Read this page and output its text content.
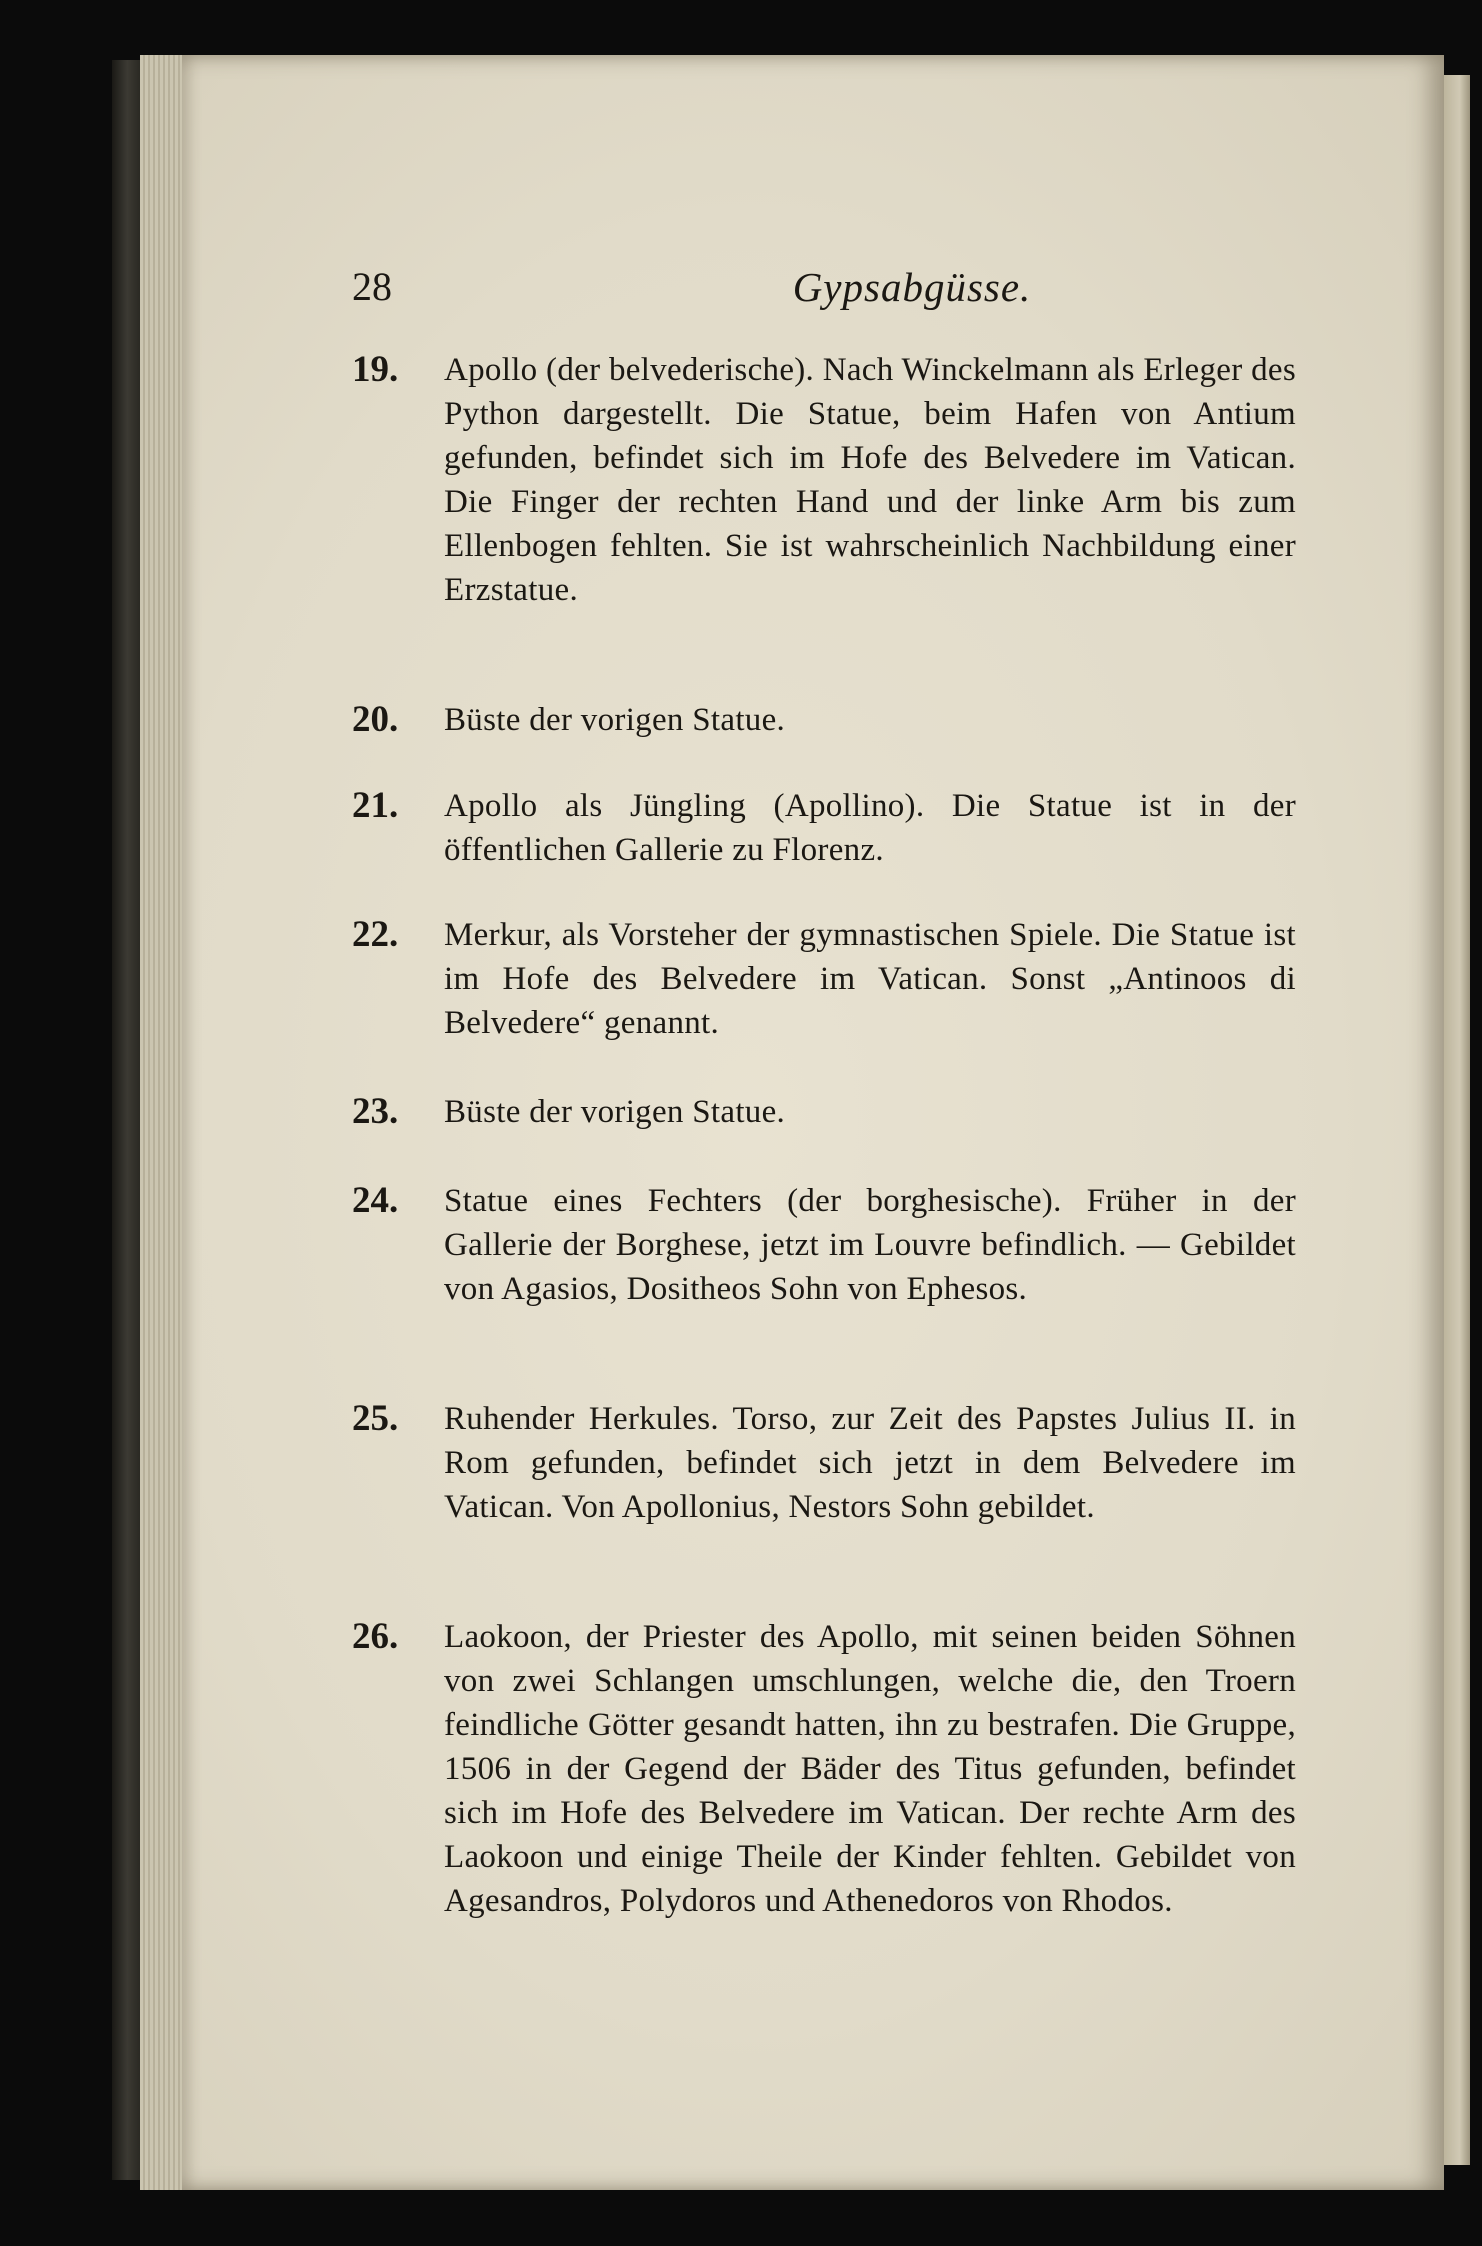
28	Gypsabgüsse.
19. Apollo (der belvederische). Nach Winckelmann als Erleger des Python dargestellt. Die Statue, beim Hafen von Antium gefunden, befindet sich im Hofe des Belvedere im Vatican. Die Finger der rechten Hand und der linke Arm bis zum Ellenbogen fehlten. Sie ist wahrscheinlich Nachbildung einer Erzstatue.
20. Büste der vorigen Statue.
21. Apollo als Jüngling (Apollino). Die Statue ist in der öffentlichen Gallerie zu Florenz.
22. Merkur, als Vorsteher der gymnastischen Spiele. Die Statue ist im Hofe des Belvedere im Vatican. Sonst „Antinoos di Belvedere“ genannt.
23. Büste der vorigen Statue.
24. Statue eines Fechters (der borghesische). Früher in der Gallerie der Borghese, jetzt im Louvre befindlich. — Gebildet von Agasios, Dositheos Sohn von Ephesos.
25. Ruhender Herkules. Torso, zur Zeit des Papstes Julius II. in Rom gefunden, befindet sich jetzt in dem Belvedere im Vatican. Von Apollonius, Nestors Sohn gebildet.
26. Laokoon, der Priester des Apollo, mit seinen beiden Söhnen von zwei Schlangen umschlungen, welche die, den Troern feindliche Götter gesandt hatten, ihn zu bestrafen. Die Gruppe, 1506 in der Gegend der Bäder des Titus gefunden, befindet sich im Hofe des Belvedere im Vatican. Der rechte Arm des Laokoon und einige Theile der Kinder fehlten. Gebildet von Agesandros, Polydoros und Athenedoros von Rhodos.
